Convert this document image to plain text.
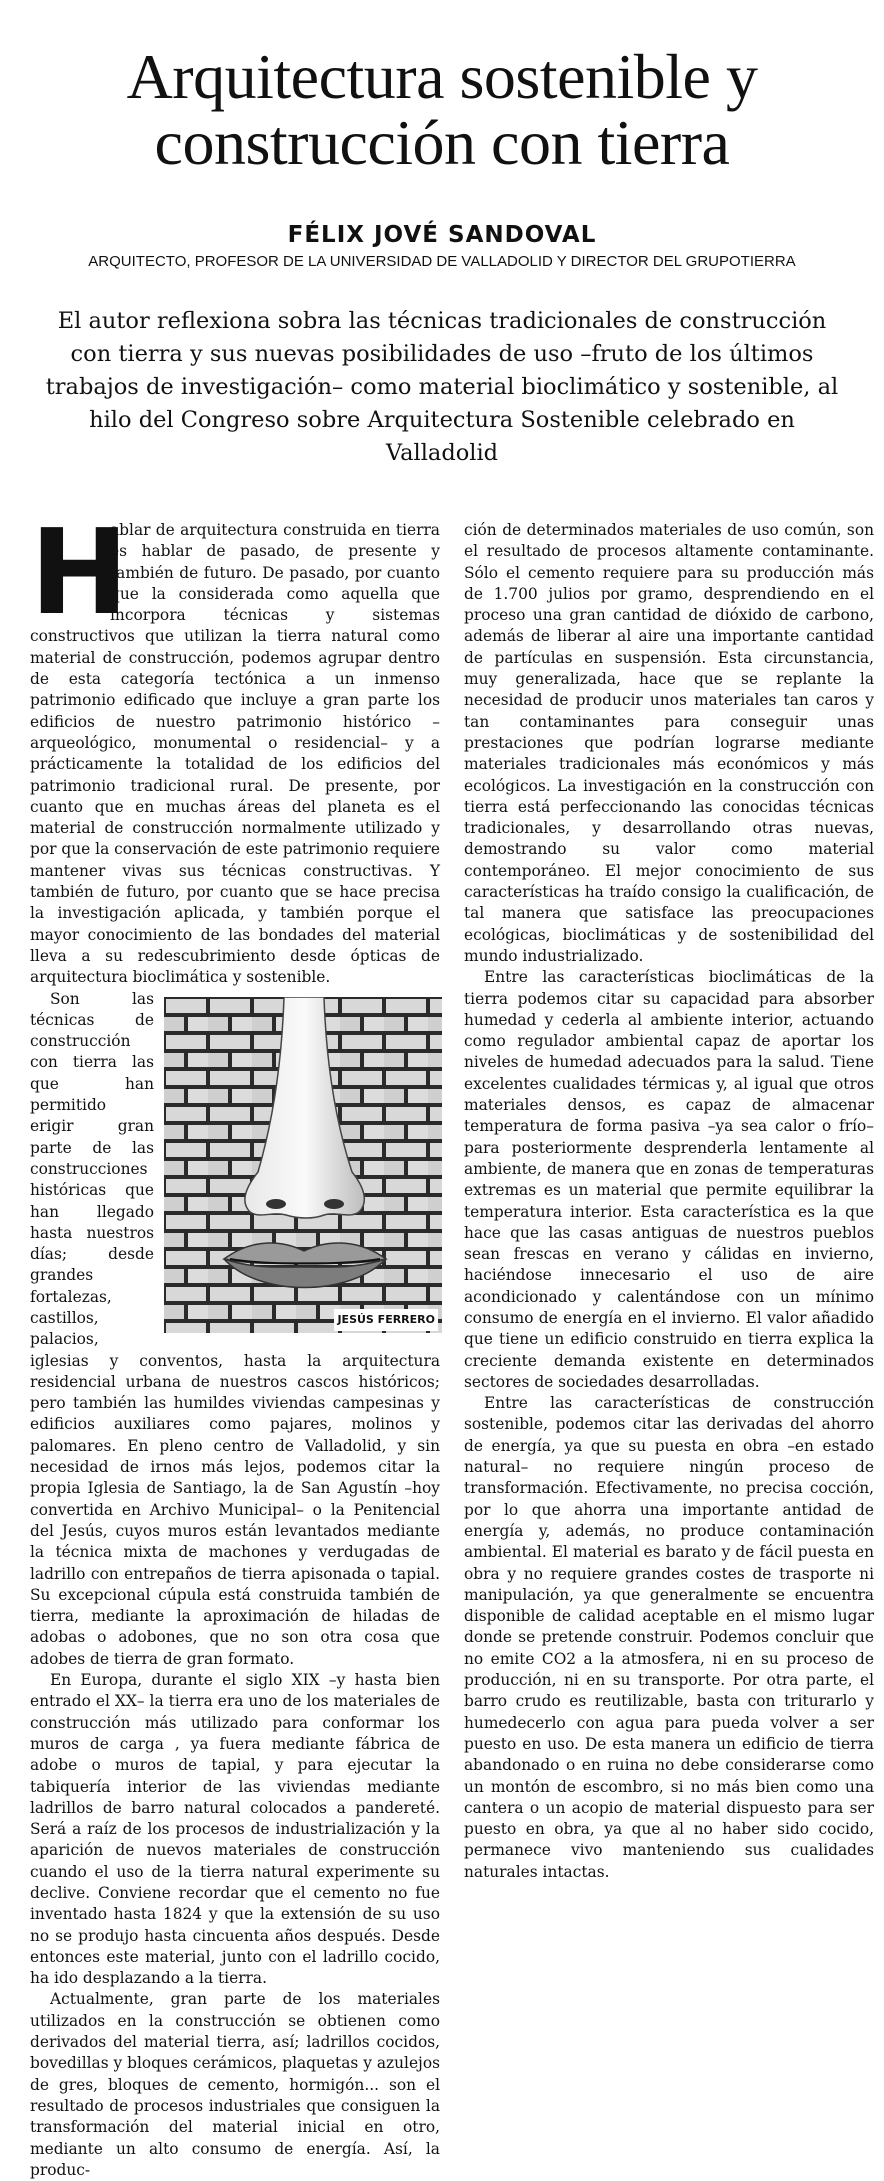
Arquitectura sostenible y construcción con tierra
FÉLIX JOVÉ SANDOVAL
ARQUITECTO, PROFESOR DE LA UNIVERSIDAD DE VALLADOLID Y DIRECTOR DEL GRUPOTIERRA
El autor reflexiona sobra las técnicas tradicionales de construcción con tierra y sus nuevas posibilidades de uso –fruto de los últimos trabajos de investigación– como material bioclimático y sostenible, al hilo del Congreso sobre Arquitectura Sostenible celebrado en Valladolid

H
ablar de arquitectura construida en tierra es hablar de pasado, de presente y también de futuro. De pasado, por cuanto que la considerada como aquella que incorpora técnicas y sistemas constructivos que utilizan la tierra natural como material de construcción, podemos agrupar dentro de esta categoría tectónica a un inmenso patrimonio edificado que incluye a gran parte los edificios de nuestro patrimonio histórico –arqueológico, monumental o residencial– y a prácticamente la totalidad de los edificios del patrimonio tradicional rural. De presente, por cuanto que en muchas áreas del planeta es el material de construcción normalmente utilizado y por que la conservación de este patrimonio requiere mantener vivas sus técnicas constructivas. Y también de futuro, por cuanto que se hace precisa la investigación aplicada, y también porque el mayor conocimiento de las bondades del material lleva a su redescubrimiento desde ópticas de arquitectura bioclimática y sostenible.

JESÚS FERRERO

Son las técnicas de construcción con tierra las que han permitido erigir gran parte de las construcciones históricas que han llegado hasta nuestros días; desde grandes fortalezas, castillos, palacios, iglesias y conventos, hasta la arquitectura residencial urbana de nuestros cascos históricos; pero también las humildes viviendas campesinas y edificios auxiliares como pajares, molinos y palomares. En pleno centro de Valladolid, y sin necesidad de irnos más lejos, podemos citar la propia Iglesia de Santiago, la de San Agustín –hoy convertida en Archivo Municipal– o la Penitencial del Jesús, cuyos muros están levantados mediante la técnica mixta de machones y verdugadas de ladrillo con entrepaños de tierra apisonada o tapial. Su excepcional cúpula está construida también de tierra, mediante la aproximación de hiladas de adobas o adobones, que no son otra cosa que adobes de tierra de gran formato.

En Europa, durante el siglo XIX –y hasta bien entrado el XX– la tierra era uno de los materiales de construcción más utilizado para conformar los muros de carga , ya fuera mediante fábrica de adobe o muros de tapial, y para ejecutar la tabiquería interior de las viviendas mediante ladrillos de barro natural colocados a pandereté. Será a raíz de los procesos de industrialización y la aparición de nuevos materiales de construcción cuando el uso de la tierra natural experimente su declive. Conviene recordar que el cemento no fue inventado hasta 1824 y que la extensión de su uso no se produjo hasta cincuenta años después. Desde entonces este material, junto con el ladrillo cocido, ha ido desplazando a la tierra.

Actualmente, gran parte de los materiales utilizados en la construcción se obtienen como derivados del material tierra, así; ladrillos cocidos, bovedillas y bloques cerámicos, plaquetas y azulejos de gres, bloques de cemento, hormigón... son el resultado de procesos industriales que consiguen la transformación del material inicial en otro, mediante un alto consumo de energía. Así, la produc-

ción de determinados materiales de uso común, son el resultado de procesos altamente contaminante. Sólo el cemento requiere para su producción más de 1.700 julios por gramo, desprendiendo en el proceso una gran cantidad de dióxido de carbono, además de liberar al aire una importante cantidad de partículas en suspensión. Esta circunstancia, muy generalizada, hace que se replante la necesidad de producir unos materiales tan caros y tan contaminantes para conseguir unas prestaciones que podrían lograrse mediante materiales tradicionales más económicos y más ecológicos. La investigación en la construcción con tierra está perfeccionando las conocidas técnicas tradicionales, y desarrollando otras nuevas, demostrando su valor como material contemporáneo. El mejor conocimiento de sus características ha traído consigo la cualificación, de tal manera que satisface las preocupaciones ecológicas, bioclimáticas y de sostenibilidad del mundo industrializado.

Entre las características bioclimáticas de la tierra podemos citar su capacidad para absorber humedad y cederla al ambiente interior, actuando como regulador ambiental capaz de aportar los niveles de humedad adecuados para la salud. Tiene excelentes cualidades térmicas y, al igual que otros materiales densos, es capaz de almacenar temperatura de forma pasiva –ya sea calor o frío– para posteriormente desprenderla lentamente al ambiente, de manera que en zonas de temperaturas extremas es un material que permite equilibrar la temperatura interior. Esta característica es la que hace que las casas antiguas de nuestros pueblos sean frescas en verano y cálidas en invierno, haciéndose innecesario el uso de aire acondicionado y calentándose con un mínimo consumo de energía en el invierno. El valor añadido que tiene un edificio construido en tierra explica la creciente demanda existente en determinados sectores de sociedades desarrolladas.

Entre las características de construcción sostenible, podemos citar las derivadas del ahorro de energía, ya que su puesta en obra –en estado natural– no requiere ningún proceso de transformación. Efectivamente, no precisa cocción, por lo que ahorra una importante antidad de energía y, además, no produce contaminación ambiental. El material es barato y de fácil puesta en obra y no requiere grandes costes de trasporte ni manipulación, ya que generalmente se encuentra disponible de calidad aceptable en el mismo lugar donde se pretende construir. Podemos concluir que no emite CO2 a la atmosfera, ni en su proceso de producción, ni en su transporte. Por otra parte, el barro crudo es reutilizable, basta con triturarlo y humedecerlo con agua para pueda volver a ser puesto en uso. De esta manera un edificio de tierra abandonado o en ruina no debe considerarse como un montón de escombro, si no más bien como una cantera o un acopio de material dispuesto para ser puesto en obra, ya que al no haber sido cocido, permanece vivo manteniendo sus cualidades naturales intactas.
